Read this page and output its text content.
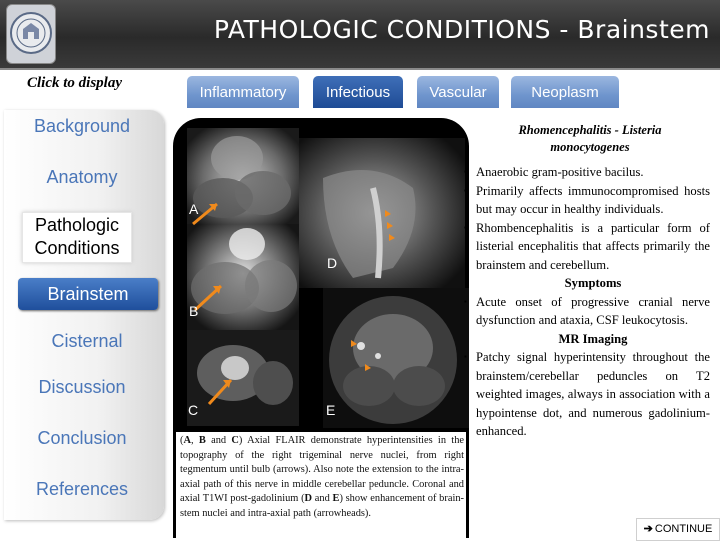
PATHOLOGIC CONDITIONS - Brainstem
Click to display
Inflammatory	Infectious	Vascular	Neoplasm
Background
Anatomy
Pathologic Conditions
Brainstem
Cisternal
Discussion
Conclusion
References
A
B
C
D
E
(A, B and C) Axial FLAIR demonstrate hyperintensities in the topography of the right trigeminal nerve nuclei, from right tegmentum until bulb (arrows). Also note the extension to the intra-axial path of this nerve in middle cerebellar peduncle. Coronal and axial T1WI post-gadolinium (D and E) show enhancement of brain-stem nuclei and intra-axial path (arrowheads).
Rhomencephalitis - Listeria monocytogenes
▪ Anaerobic gram-positive bacilus.
▪ Primarily affects immunocompromised hosts but may occur in healthy individuals.
▪ Rhombencephalitis is a particular form of listerial encephalitis that affects primarily the brainstem and cerebellum.
Symptoms
▪ Acute onset of progressive cranial nerve dysfunction and ataxia, CSF leukocytosis.
MR Imaging
▪ Patchy signal hyperintensity throughout the brainstem/cerebellar peduncles on T2 weighted images, always in association with a hypointense dot, and numerous gadolinium-enhanced.
➔ CONTINUE
